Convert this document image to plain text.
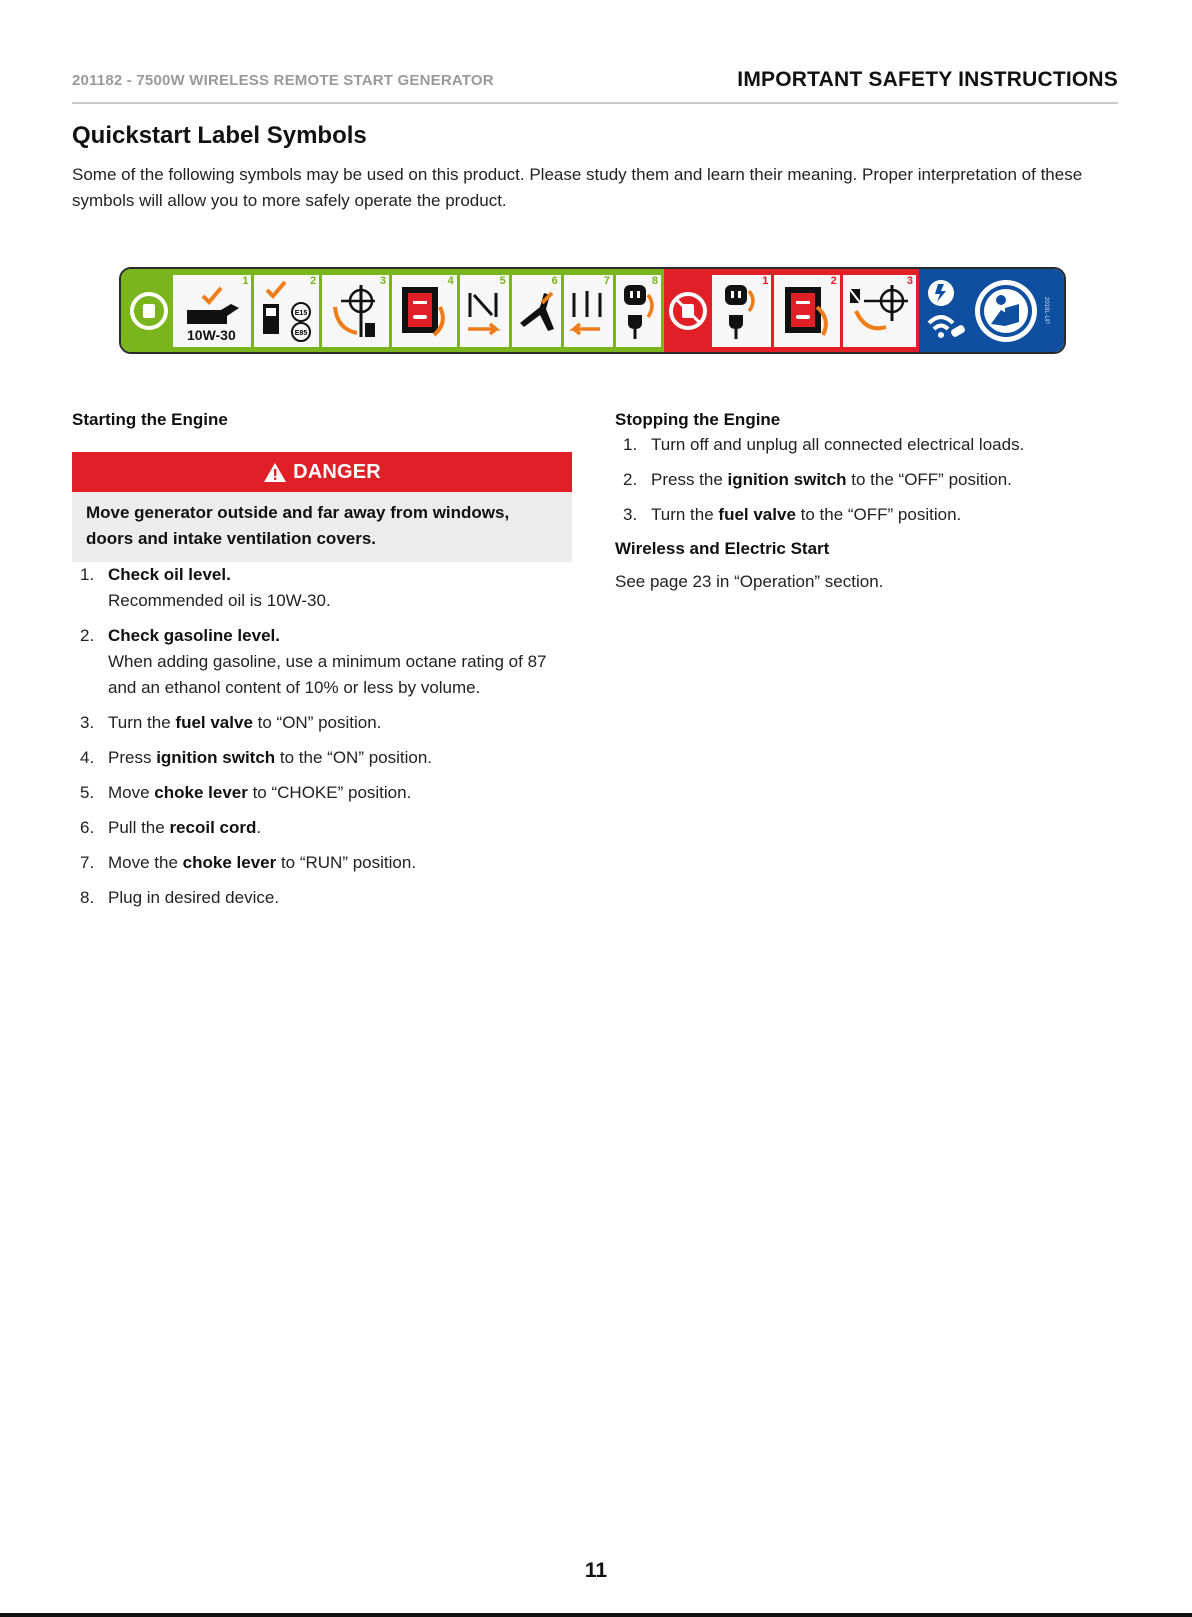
201182 - 7500W WIRELESS REMOTE START GENERATOR	IMPORTANT SAFETY INSTRUCTIONS
Quickstart Label Symbols
Some of the following symbols may be used on this product. Please study them and learn their meaning. Proper interpretation of these symbols will allow you to more safely operate the product.
1
10W-30
2
E15
E85
3	4	5	6	7	8	1	2	3
2019L-UP
Starting the Engine
DANGER
Move generator outside and far away from windows, doors and intake ventilation covers.
1. Check oil level.
Recommended oil is 10W-30.
2. Check gasoline level.
When adding gasoline, use a minimum octane rating of 87 and an ethanol content of 10% or less by volume.
3. Turn the fuel valve to “ON” position.
4. Press ignition switch to the “ON” position.
5. Move choke lever to “CHOKE” position.
6. Pull the recoil cord.
7. Move the choke lever to “RUN” position.
8. Plug in desired device.
Stopping the Engine
1. Turn off and unplug all connected electrical loads.
2. Press the ignition switch to the “OFF” position.
3. Turn the fuel valve to the “OFF” position.
Wireless and Electric Start
See page 23 in “Operation” section.
11
